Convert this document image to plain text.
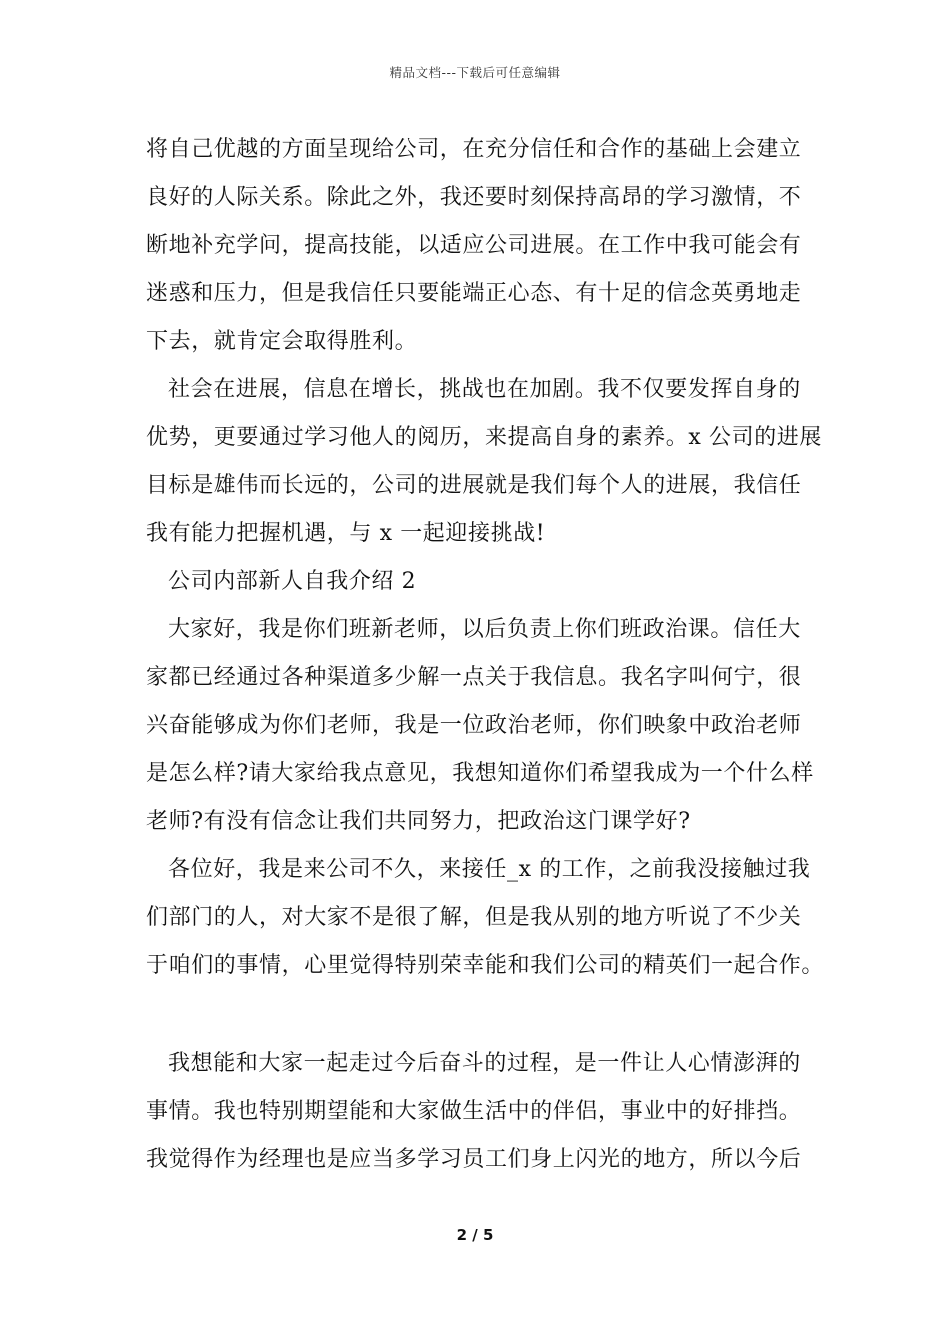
精品文档---下载后可任意编辑
将自己优越的方面呈现给公司，在充分信任和合作的基础上会建立
良好的人际关系。除此之外，我还要时刻保持高昂的学习激情，不
断地补充学问，提高技能，以适应公司进展。在工作中我可能会有
迷惑和压力，但是我信任只要能端正心态、有十足的信念英勇地走
下去，就肯定会取得胜利。
社会在进展，信息在增长，挑战也在加剧。我不仅要发挥自身的
优势，更要通过学习他人的阅历，来提高自身的素养。x 公司的进展
目标是雄伟而长远的，公司的进展就是我们每个人的进展，我信任
我有能力把握机遇，与 x 一起迎接挑战!
公司内部新人自我介绍 2
大家好，我是你们班新老师，以后负责上你们班政治课。信任大
家都已经通过各种渠道多少解一点关于我信息。我名字叫何宁，很
兴奋能够成为你们老师，我是一位政治老师，你们映象中政治老师
是怎么样?请大家给我点意见，我想知道你们希望我成为一个什么样
老师?有没有信念让我们共同努力，把政治这门课学好?
各位好，我是来公司不久，来接任_x 的工作，之前我没接触过我
们部门的人，对大家不是很了解，但是我从别的地方听说了不少关
于咱们的事情，心里觉得特别荣幸能和我们公司的精英们一起合作。
我想能和大家一起走过今后奋斗的过程，是一件让人心情澎湃的
事情。我也特别期望能和大家做生活中的伴侣，事业中的好排挡。
我觉得作为经理也是应当多学习员工们身上闪光的地方，所以今后
2 / 5
